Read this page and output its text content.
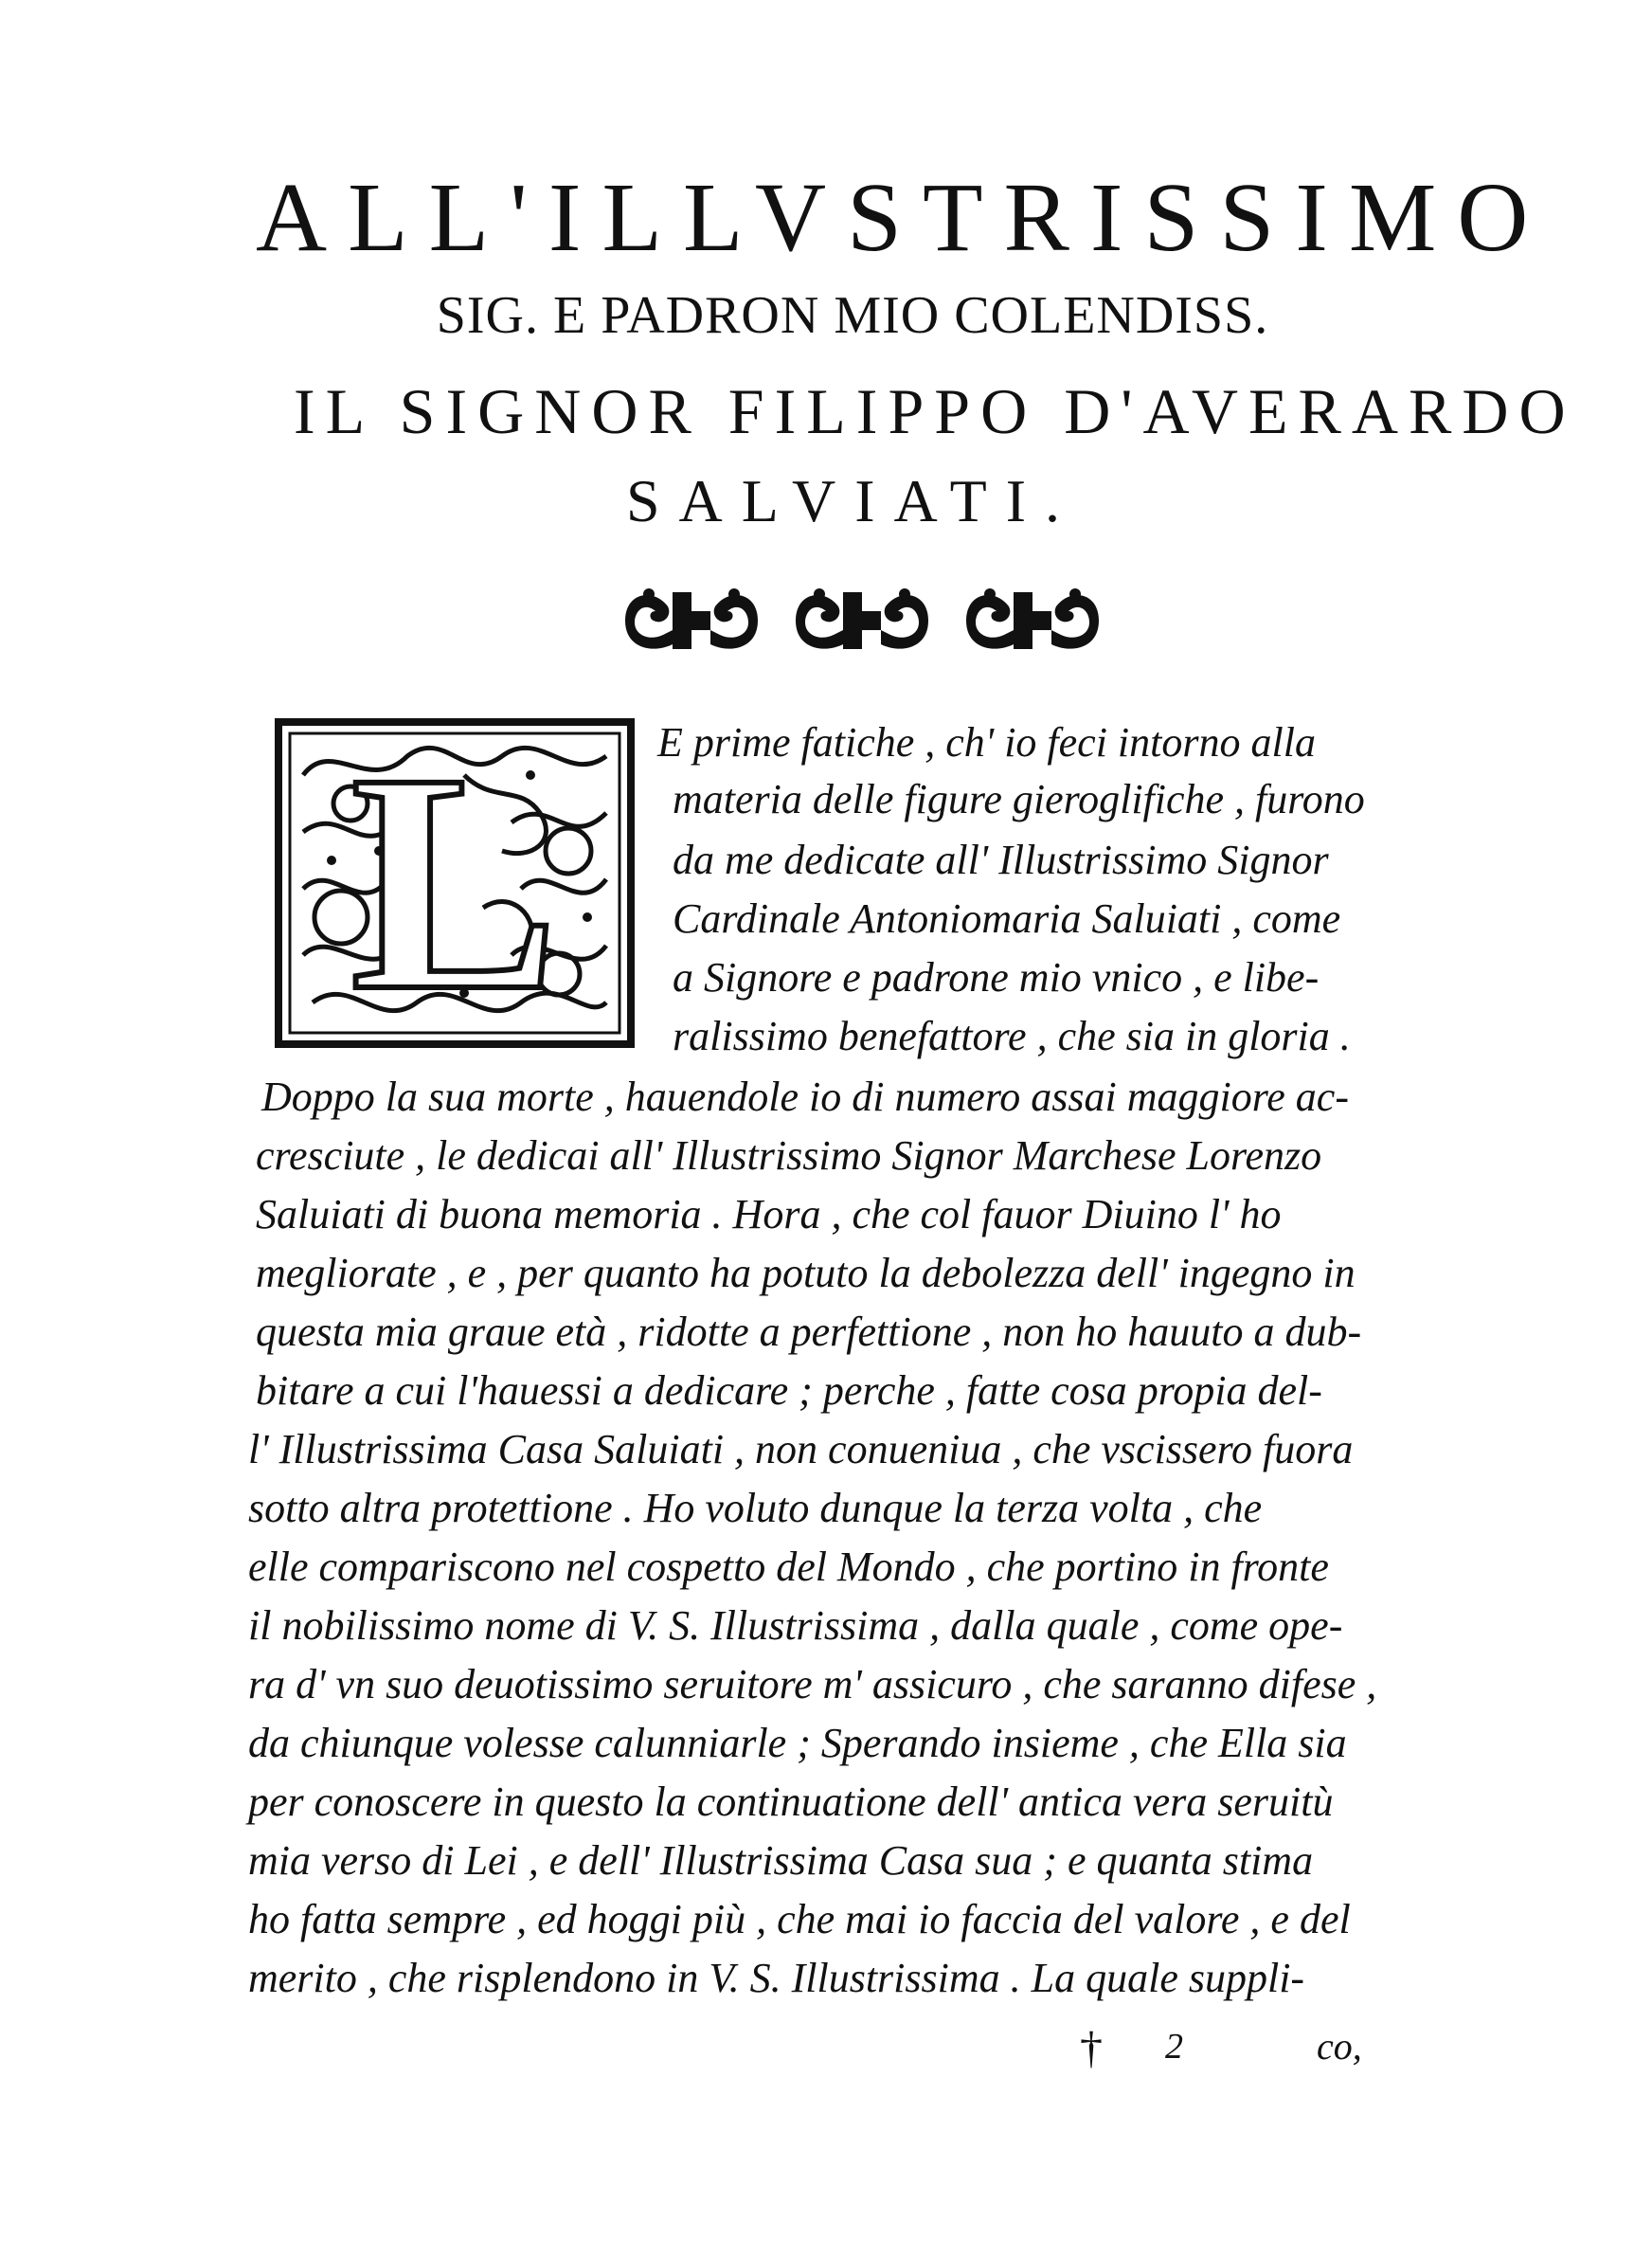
ALL'ILLVSTRISSIMO
SIG. E PADRON MIO COLENDISS.
IL SIGNOR FILIPPO D'AVERARDO
SALVIATI.
L	E prime fatiche , ch' io feci intorno alla
materia delle figure gieroglifiche , furono
da me dedicate all' Illustrissimo Signor
Cardinale Antoniomaria Saluiati , come
a Signore e padrone mio vnico , e libe-
ralissimo benefattore , che sia in gloria .
Doppo la sua morte , hauendole io di numero assai maggiore ac-
cresciute , le dedicai all' Illustrissimo Signor Marchese Lorenzo
Saluiati di buona memoria . Hora , che col fauor Diuino l' ho
megliorate , e , per quanto ha potuto la debolezza dell' ingegno in
questa mia graue età , ridotte a perfettione , non ho hauuto a dub-
bitare a cui l'hauessi a dedicare ; perche , fatte cosa propia del-
l' Illustrissima Casa Saluiati , non conueniua , che vscissero fuora
sotto altra protettione . Ho voluto dunque la terza volta , che
elle compariscono nel cospetto del Mondo , che portino in fronte
il nobilissimo nome di V. S. Illustrissima , dalla quale , come ope-
ra d' vn suo deuotissimo seruitore m' assicuro , che saranno difese ,
da chiunque volesse calunniarle ; Sperando insieme , che Ella sia
per conoscere in questo la continuatione dell' antica vera seruitù
mia verso di Lei , e dell' Illustrissima Casa sua ; e quanta stima
ho fatta sempre , ed hoggi più , che mai io faccia del valore , e del
merito , che risplendono in V. S. Illustrissima . La quale suppli-
† 2	co,
